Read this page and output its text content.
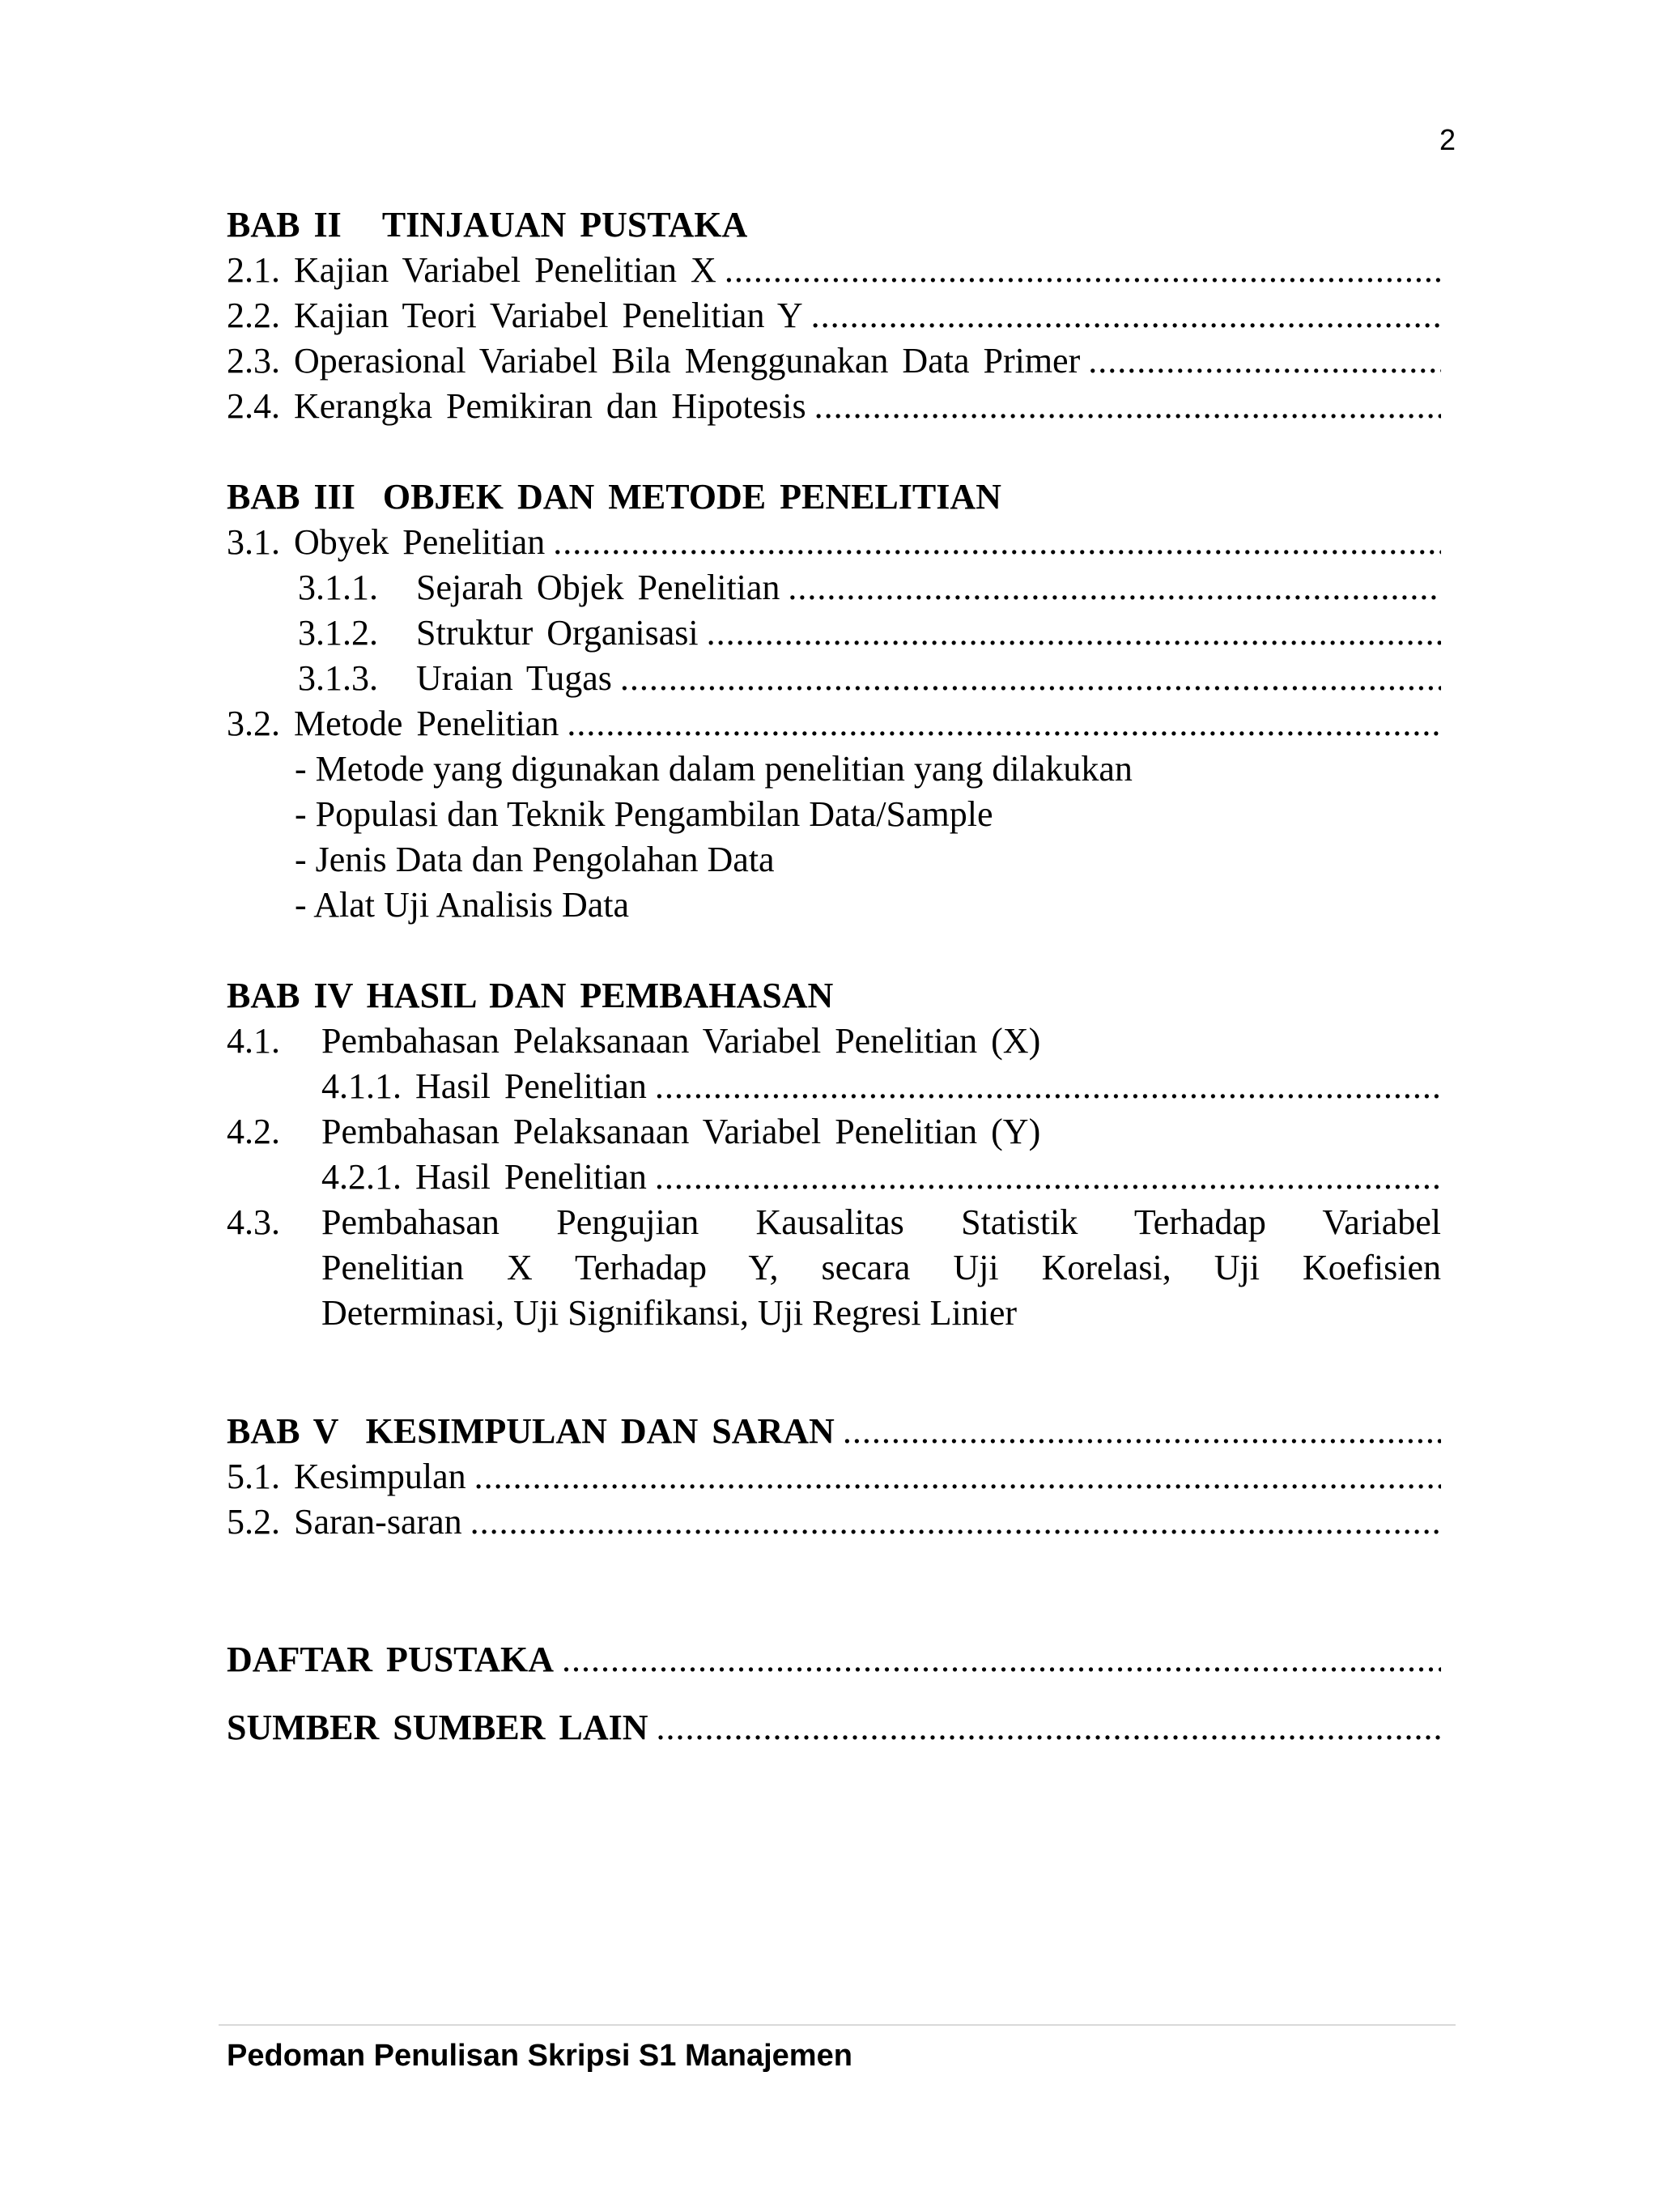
2
BAB II   TINJAUAN PUSTAKA
2.1. Kajian Variabel Penelitian X
.....
2.2. Kajian Teori Variabel Penelitian Y
.....
2.3. Operasional Variabel Bila Menggunakan Data Primer
.....
2.4. Kerangka Pemikiran dan Hipotesis
.....
BAB III  OBJEK DAN METODE PENELITIAN
3.1. Obyek Penelitian
.....
3.1.1. Sejarah Objek Penelitian
.....
3.1.2. Struktur Organisasi
.....
3.1.3. Uraian Tugas
.....
3.2. Metode Penelitian
.....
- Metode yang digunakan dalam penelitian yang dilakukan
- Populasi dan Teknik Pengambilan Data/Sample
- Jenis Data dan Pengolahan Data
- Alat Uji Analisis Data
BAB IV HASIL DAN PEMBAHASAN
4.1. Pembahasan Pelaksanaan Variabel Penelitian (X)
4.1.1. Hasil Penelitian
.....
4.2. Pembahasan Pelaksanaan Variabel Penelitian (Y)
4.2.1. Hasil Penelitian
.....
4.3.	Pembahasan Pengujian Kausalitas Statistik Terhadap Variabel
Penelitian X Terhadap Y, secara Uji Korelasi, Uji Koefisien
Determinasi, Uji Signifikansi, Uji Regresi Linier
BAB V  KESIMPULAN DAN SARAN
.....
5.1. Kesimpulan
.....
5.2. Saran-saran
.....
DAFTAR PUSTAKA
.....
SUMBER SUMBER LAIN
.....
Pedoman Penulisan Skripsi S1 Manajemen
